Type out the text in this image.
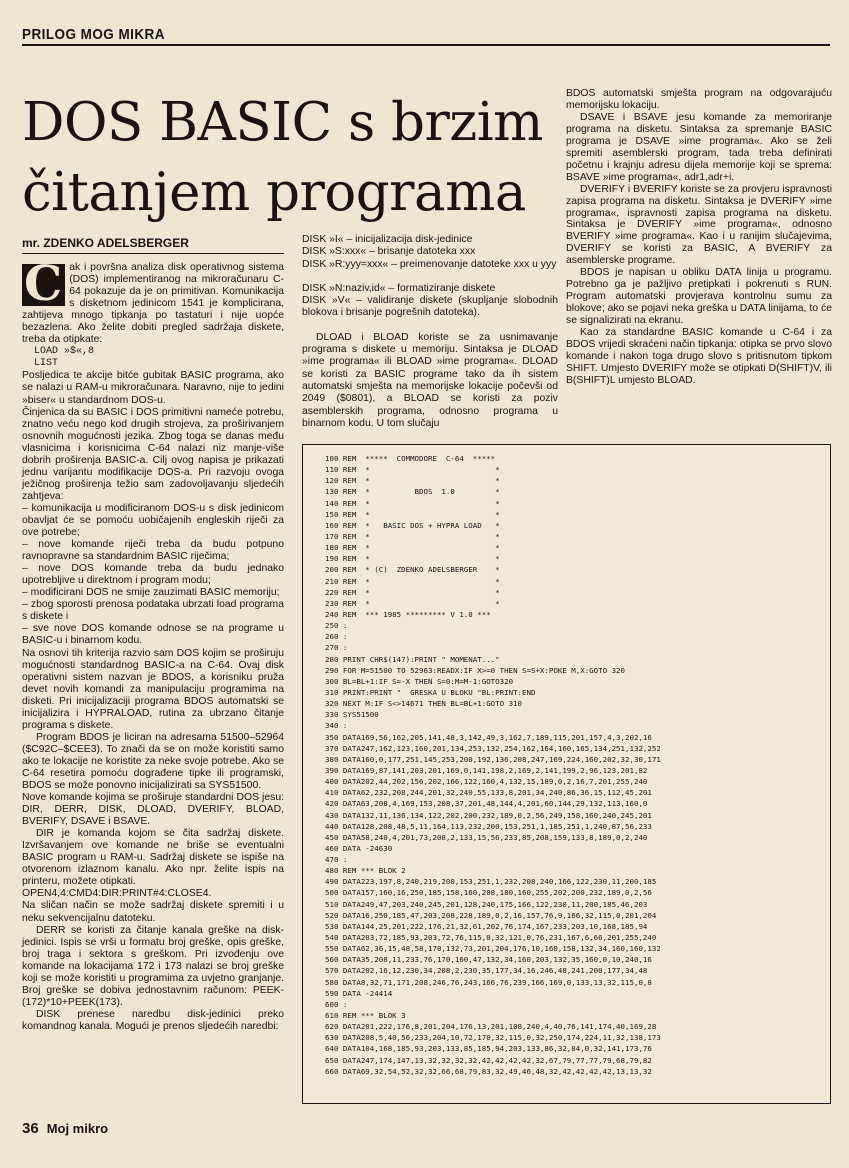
PRILOG MOG MIKRA
DOS BASIC s brzim
čitanjem programa
mr. ZDENKO ADELSBERGER

Č ak i površna analiza disk operativnog sistema (DOS) implementiranog na mikroračunaru C-64 pokazuje da je on primitivan. Komunikacija s disketnom jedinicom 1541 je komplicirana, zahtijeva mnogo tipkanja po tastaturi i nije uopće bezazlena. Ako želite dobiti pregled sadržaja diskete, treba da otipkate:

LOAD »$«,8

LIST

Posljedica te akcije bitće gubitak BASIC programa, ako se nalazi u RAM-u mikroračunara. Naravno, nije to jedini »biser« u standardnom DOS-u.

Činjenica da su BASIC i DOS primitivni nameće potrebu, znatno veću nego kod drugih strojeva, za proširivanjem osnovnih mogućnosti jezika. Zbog toga se danas među vlasnicima i korisnicima C-64 nalazi niz manje-više dobrih proširenja BASIC-a. Cilj ovog napisa je prikazati jednu varijantu modifikacije DOS-a. Pri razvoju ovoga ježičnog proširenja težio sam zadovoljavanju sljedećih zahtjeva:

– komunikacija u modificiranom DOS-u s disk jedinicom obavljat će se pomoću uobičajenih engleskih riječi za ove potrebe;

– nove komande riječi treba da budu potpuno ravnopravne sa standardnim BASIC riječima;

– nove DOS komande treba da budu jednako upotrebljive u direktnom i program modu;

– modificirani DOS ne smije zauzimati BASIC memoriju;

– zbog sporosti prenosa podataka ubrzati load programa s diskete i

– sve nove DOS komande odnose se na programe u BASIC-u i binarnom kodu.

Na osnovi tih kriterija razvio sam DOS kojim se proširuju mogućnosti standardnog BASIC-a na C-64. Ovaj disk operativni sistem nazvan je BDOS, a korisniku pruža devet novih komandi za manipulaciju programima na disketi. Pri inicijalizaciji programa BDOS automatski se inicijalizira i HYPRALOAD, rutina za ubrzano čitanje programa s diskete.

Program BDOS je liciran na adresama 51500–52964 ($C92C–$CEE3). To znači da se on može koristiti samo ako te lokacije ne koristite za neke svoje potrebe. Ako se C-64 resetira pomoću dograđene tipke ili programski, BDOS se može ponovno inicijalizirati sa SYS51500.

Nove komande kojima se proširuje standardni DOS jesu: DIR, DERR, DISK, DLOAD, DVERIFY, BLOAD, BVERIFY, DSAVE i BSAVE.

DIR je komanda kojom se čita sadržaj diskete. Izvršavanjem ove komande ne briše se eventualni BASIC program u RAM-u. Sadržaj diskete se ispiše na otvorenom izlaznom kanalu. Ako npr. želite ispis na printeru, možete otipkati.

OPEN4,4:CMD4:DIR:PRINT#4:CLOSE4.

Na sličan način se može sadržaj diskete spremiti i u neku sekvencijalnu datoteku.

DERR se koristi za čitanje kanala greške na disk-jedinici. Ispis se vrši u formatu broj greške, opis greške, broj traga i sektora s greškom. Pri izvođenju ove komande na lokacijama 172 i 173 nalazi se broj greške koji se može koristiti u programima za uvjetno granjanje. Broj greške se dobiva jednostavnim računom: PEEK-(172)*10+PEEK(173).

DISK prenese naredbu disk-jedinici preko komandnog kanala. Mogući je prenos sljedećih naredbi:

DISK »I« – inicijalizacija disk-jedinice

DISK »S:xxx« – brisanje datoteka xxx

DISK »R:yyy=xxx« – preimenovanje datoteke xxx u yyy

DISK »N:naziv,id« – formatiziranje diskete

DISK »V« – validiranje diskete (skupljanje slobodnih blokova i brisanje pogrešnih datoteka).

DLOAD i BLOAD koriste se za usnimavanje programa s diskete u memoriju. Sintaksa je DLOAD »ime programa« ili BLOAD »ime programa«. DLOAD se koristi za BASIC programe tako da ih sistem automatski smješta na memorijske lokacije počevši od 2049 ($0801), a BLOAD se koristi za poziv asemblerskih programa, odnosno programa u binarnom kodu. U tom slučaju

BDOS automatski smješta program na odgovarajuću memorijsku lokaciju.

DSAVE i BSAVE jesu komande za memoriranje programa na disketu. Sintaksa za spremanje BASIC programa je DSAVE »ime programa«. Ako se želi spremiti asemblerski program, tada treba definirati početnu i krajnju adresu dijela memorije koji se sprema: BSAVE »ime programa«, adr1,adr+i.

DVERIFY i BVERIFY koriste se za provjeru ispravnosti zapisa programa na disketu. Sintaksa je DVERIFY »ime programa«, ispravnosti zapisa programa na disketu. Sintaksa je DVERIFY »ime programa«, odnosno BVERIFY »ime programa«. Kao i u ranijim slučajevima, DVERIFY se koristi za BASIC, A BVERIFY za asemblerske programe.

BDOS je napisan u obliku DATA linija u programu. Potrebno ga je pažljivo pretipkati i pokrenuti s RUN. Program automatski provjerava kontrolnu sumu za blokove; ako se pojavi neka greška u DATA linijama, to će se signalizirati na ekranu.

Kao za standardne BASIC komande u C-64 i za BDOS vrijedi skraćeni način tipkanja: otipka se prvo slovo komande i nakon toga drugo slovo s pritisnutom tipkom SHIFT. Umjesto DVERIFY može se otipkati D(SHIFT)V, ili B(SHIFT)L umjesto BLOAD.

100 REM  *****  COMMODORE  C-64  *****
110 REM  *                            *
120 REM  *                            *
130 REM  *          BDOS  1.0         *
140 REM  *                            *
150 REM  *                            *
160 REM  *   BASIC DOS + HYPRA LOAD   *
170 REM  *                            *
180 REM  *                            *
190 REM  *                            *
200 REM  * (C)  ZDENKO ADELSBERGER    *
210 REM  *                            *
220 REM  *                            *
230 REM  *                            *
240 REM  *** 1985 ********* V 1.0 ***
250 :
260 :
270 :
280 PRINT CHR$(147):PRINT " MOMENAT..."
290 FOR M=51500 TO 52963:READX:IF X>=0 THEN S=S+X:POKE M,X:GOTO 320
300 BL=BL+1:IF S=-X THEN S=0:M=M-1:GOTO320
310 PRINT:PRINT "  GRESKA U BLOKU "BL:PRINT:END
320 NEXT M:IF S<>14671 THEN BL=BL+1:GOTO 310
330 SYS51500
340 :
350 DATA169,56,162,205,141,48,3,142,49,3,162,7,189,115,201,157,4,3,202,16
370 DATA247,162,123,160,201,134,253,132,254,162,164,160,165,134,251,132,252
380 DATA160,0,177,251,145,253,200,192,136,208,247,169,224,160,202,32,30,171
390 DATA169,87,141,203,201,169,0,141,198,2,169,2,141,199,2,96,123,201,82
400 DATA202,44,202,156,202,166,122,160,4,132,15,189,0,2,16,7,201,255,240
410 DATA62,232,208,244,201,32,240,55,133,8,201,34,240,86,36,15,112,45,201
420 DATA63,208,4,169,153,208,37,201,48,144,4,201,60,144,29,132,113,160,0
430 DATA132,11,136,134,122,202,200,232,189,0,2,56,249,158,160,240,245,201
440 DATA128,208,48,5,11,164,113,232,200,153,251,1,185,251,1,240,87,56,233
450 DATA58,240,4,201,73,208,2,133,15,56,233,85,208,159,133,8,189,0,2,240
460 DATA -24630
470 :
480 REM *** BLOK 2
490 DATA223,197,8,240,219,200,153,251,1,232,208,240,166,122,230,11,200,185
500 DATA157,160,16,250,185,158,160,208,180,160,255,202,200,232,189,0,2,56
510 DATA249,47,203,240,245,201,128,240,175,166,122,230,11,200,185,46,203
520 DATA16,250,185,47,203,208,228,189,0,2,16,157,76,9,166,32,115,0,201,204
530 DATA144,25,201,222,176,21,32,61,202,76,174,167,233,203,10,168,185,94
540 DATA203,72,185,93,203,72,76,115,0,32,121,0,76,231,167,6,66,201,255,240
550 DATA62,36,15,48,58,170,132,73,201,204,176,10,160,158,132,34,160,160,132
560 DATA35,208,11,233,76,170,160,47,132,34,160,203,132,35,160,0,10,240,16
570 DATA202,16,12,230,34,208,2,230,35,177,34,16,246,48,241,200,177,34,48
580 DATA8,32,71,171,208,246,76,243,166,76,239,166,169,0,133,13,32,115,0,8
590 DATA -24414
600 :
610 REM *** BLOK 3
620 DATA201,222,176,8,201,204,176,13,201,108,240,4,40,76,141,174,40,169,28
630 DATA208,5,40,56,233,204,10,72,170,32,115,0,32,250,174,224,11,32,138,173
640 DATA104,168,185,93,203,133,85,185,94,203,133,86,32,84,0,32,141,173,76
650 DATA247,174,147,13,32,32,32,32,42,42,42,42,32,67,79,77,77,79,68,79,82
660 DATA69,32,54,52,32,32,66,68,79,83,32,49,46,48,32,42,42,42,42,13,13,32
36 Moj mikro
